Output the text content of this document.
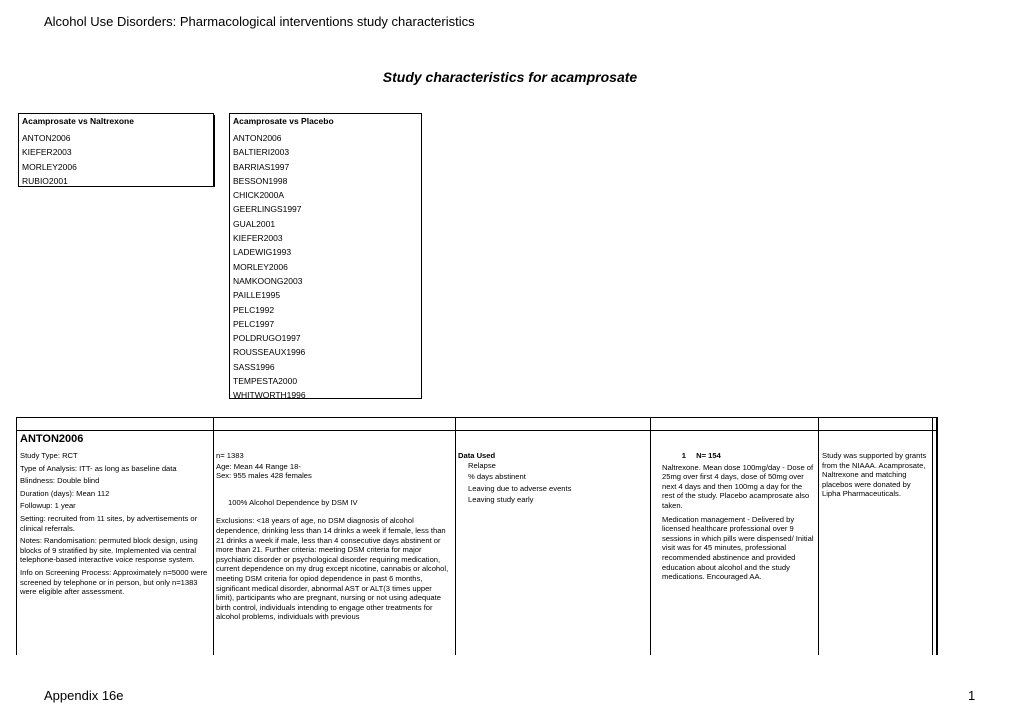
Alcohol Use Disorders: Pharmacological interventions study characteristics
Study characteristics for acamprosate
Acamprosate vs Naltrexone
ANTON2006
KIEFER2003
MORLEY2006
RUBIO2001
Acamprosate vs Placebo
ANTON2006
BALTIERI2003
BARRIAS1997
BESSON1998
CHICK2000A
GEERLINGS1997
GUAL2001
KIEFER2003
LADEWIG1993
MORLEY2006
NAMKOONG2003
PAILLE1995
PELC1992
PELC1997
POLDRUGO1997
ROUSSEAUX1996
SASS1996
TEMPESTA2000
WHITWORTH1996
ANTON2006
Study Type: RCT
Type of Analysis: ITT- as long as baseline data
Blindness: Double blind
Duration (days): Mean 112
Followup: 1 year
Setting: recruited from 11 sites, by advertisements or clinical referrals.
Notes: Randomisation: permuted block design, using blocks of 9 stratified by site. Implemented via central telephone-based interactive voice response system.
Info on Screening Process: Approximately n=5000 were screened by telephone or in person, but only n=1383 were eligible after assessment.
n= 1383
Age: Mean 44 Range 18-
Sex: 955 males 428 females
100% Alcohol Dependence by DSM IV
Exclusions: <18 years of age, no DSM diagnosis of alcohol dependence, drinking less than 14 drinks a week if female, less than 21 drinks a week if male, less than 4 consecutive days abstinent or more than 21. Further criteria: meeting DSM criteria for major psychiatric disorder or psychological disorder requiring medication, current dependence on my drug except nicotine, cannabis or alcohol, meeting DSM criteria for opiod dependence in past 6 months, significant medical disorder, abnormal AST or ALT(3 times upper limit), participants who are pregnant, nursing or not using adequate birth control, individuals intending to engage other treatments for alcohol problems, individuals with previous
Data Used
Relapse
% days abstinent
Leaving due to adverse events
Leaving study early
1 N= 154
Naltrexone. Mean dose 100mg/day - Dose of 25mg over first 4 days, dose of 50mg over next 4 days and then 100mg a day for the rest of the study. Placebo acamprosate also taken.
Medication management - Delivered by licensed healthcare professional over 9 sessions in which pills were dispensed/ Initial visit was for 45 minutes, professional recommended abstinence and provided education about alcohol and the study medications. Encouraged AA.
Study was supported by grants from the NIAAA. Acamprosate, Naltrexone and matching placebos were donated by Lipha Pharmaceuticals.
Appendix 16e	1
